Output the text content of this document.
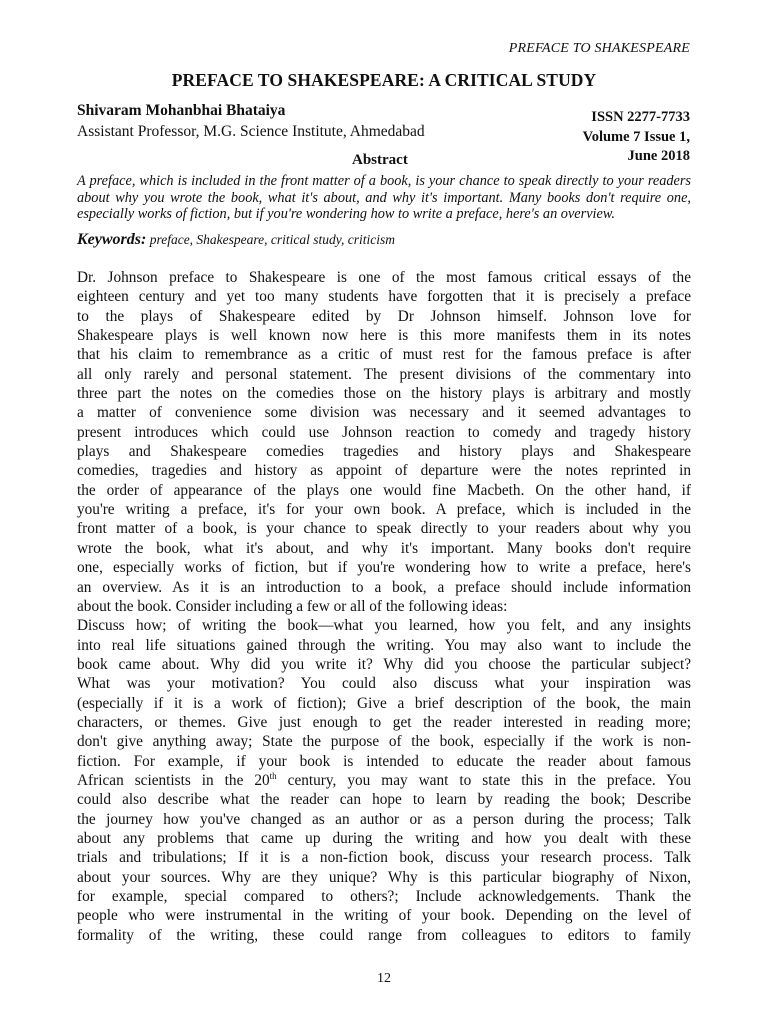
PREFACE TO SHAKESPEARE
PREFACE TO SHAKESPEARE: A CRITICAL STUDY
Shivaram Mohanbhai Bhataiya
Assistant Professor, M.G. Science Institute, Ahmedabad
ISSN 2277-7733
Volume 7 Issue 1,
June 2018
Abstract
A preface, which is included in the front matter of a book, is your chance to speak directly to your readers about why you wrote the book, what it's about, and why it's important. Many books don't require one, especially works of fiction, but if you're wondering how to write a preface, here's an overview.
Keywords: preface, Shakespeare, critical study, criticism
Dr. Johnson preface to Shakespeare is one of the most famous critical essays of the
eighteen century and yet too many students have forgotten that it is precisely a preface
to the plays of Shakespeare edited by Dr Johnson himself. Johnson love for
Shakespeare plays is well known now here is this more manifests them in its notes
that his claim to remembrance as a critic of must rest for the famous preface is after
all only rarely and personal statement. The present divisions of the commentary into
three part the notes on the comedies those on the history plays is arbitrary and mostly
a matter of convenience some division was necessary and it seemed advantages to
present introduces which could use Johnson reaction to comedy and tragedy history
plays and Shakespeare comedies tragedies and history plays and Shakespeare
comedies, tragedies and history as appoint of departure were the notes reprinted in
the order of appearance of the plays one would fine Macbeth. On the other hand, if
you're writing a preface, it's for your own book. A preface, which is included in the
front matter of a book, is your chance to speak directly to your readers about why you
wrote the book, what it's about, and why it's important. Many books don't require
one, especially works of fiction, but if you're wondering how to write a preface, here's
an overview. As it is an introduction to a book, a preface should include information
about the book. Consider including a few or all of the following ideas:
Discuss how; of writing the book—what you learned, how you felt, and any insights
into real life situations gained through the writing. You may also want to include the
book came about. Why did you write it? Why did you choose the particular subject?
What was your motivation? You could also discuss what your inspiration was
(especially if it is a work of fiction); Give a brief description of the book, the main
characters, or themes. Give just enough to get the reader interested in reading more;
don't give anything away; State the purpose of the book, especially if the work is non-
fiction. For example, if your book is intended to educate the reader about famous
African scientists in the 20th century, you may want to state this in the preface. You
could also describe what the reader can hope to learn by reading the book; Describe
the journey how you've changed as an author or as a person during the process; Talk
about any problems that came up during the writing and how you dealt with these
trials and tribulations; If it is a non-fiction book, discuss your research process. Talk
about your sources. Why are they unique? Why is this particular biography of Nixon,
for example, special compared to others?; Include acknowledgements. Thank the
people who were instrumental in the writing of your book. Depending on the level of
formality of the writing, these could range from colleagues to editors to family
12
